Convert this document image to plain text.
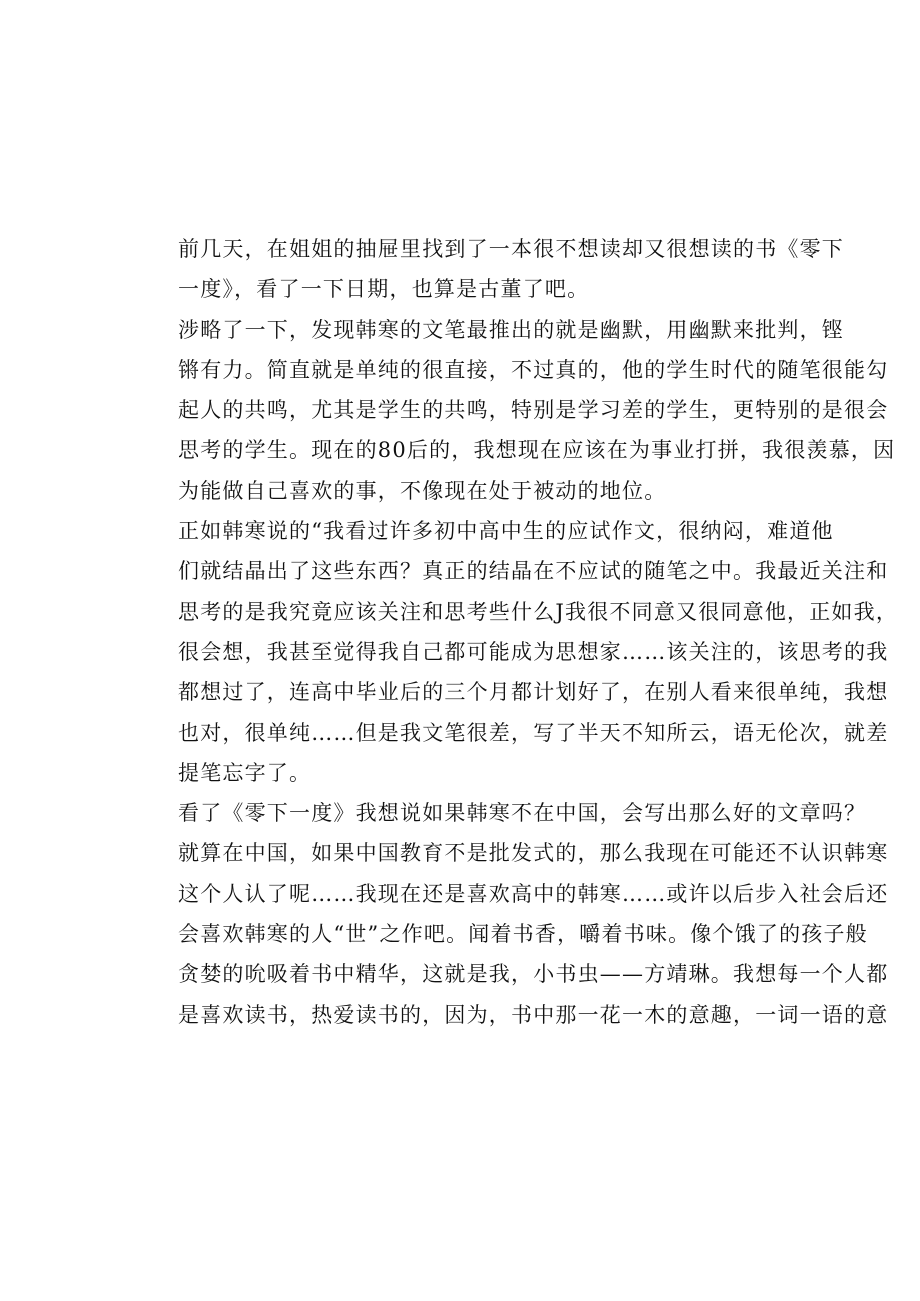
前几天，在姐姐的抽屉里找到了一本很不想读却又很想读的书《零下
一度》，看了一下日期，也算是古董了吧。

涉略了一下，发现韩寒的文笔最推出的就是幽默，用幽默来批判，铿
锵有力。简直就是单纯的很直接，不过真的，他的学生时代的随笔很能勾
起人的共鸣，尤其是学生的共鸣，特别是学习差的学生，更特别的是很会
思考的学生。现在的80后的，我想现在应该在为事业打拼，我很羡慕，因
为能做自己喜欢的事，不像现在处于被动的地位。

正如韩寒说的“我看过许多初中高中生的应试作文，很纳闷，难道他
们就结晶出了这些东西？真正的结晶在不应试的随笔之中。我最近关注和
思考的是我究竟应该关注和思考些什么J我很不同意又很同意他，正如我，
很会想，我甚至觉得我自己都可能成为思想家……该关注的，该思考的我
都想过了，连高中毕业后的三个月都计划好了，在别人看来很单纯，我想
也对，很单纯……但是我文笔很差，写了半天不知所云，语无伦次，就差
提笔忘字了。

看了《零下一度》我想说如果韩寒不在中国，会写出那么好的文章吗？
就算在中国，如果中国教育不是批发式的，那么我现在可能还不认识韩寒
这个人认了呢……我现在还是喜欢高中的韩寒……或许以后步入社会后还
会喜欢韩寒的人“世”之作吧。闻着书香，嚼着书味。像个饿了的孩子般
贪婪的吮吸着书中精华，这就是我，小书虫——方靖琳。我想每一个人都
是喜欢读书，热爱读书的，因为，书中那一花一木的意趣，一词一语的意
